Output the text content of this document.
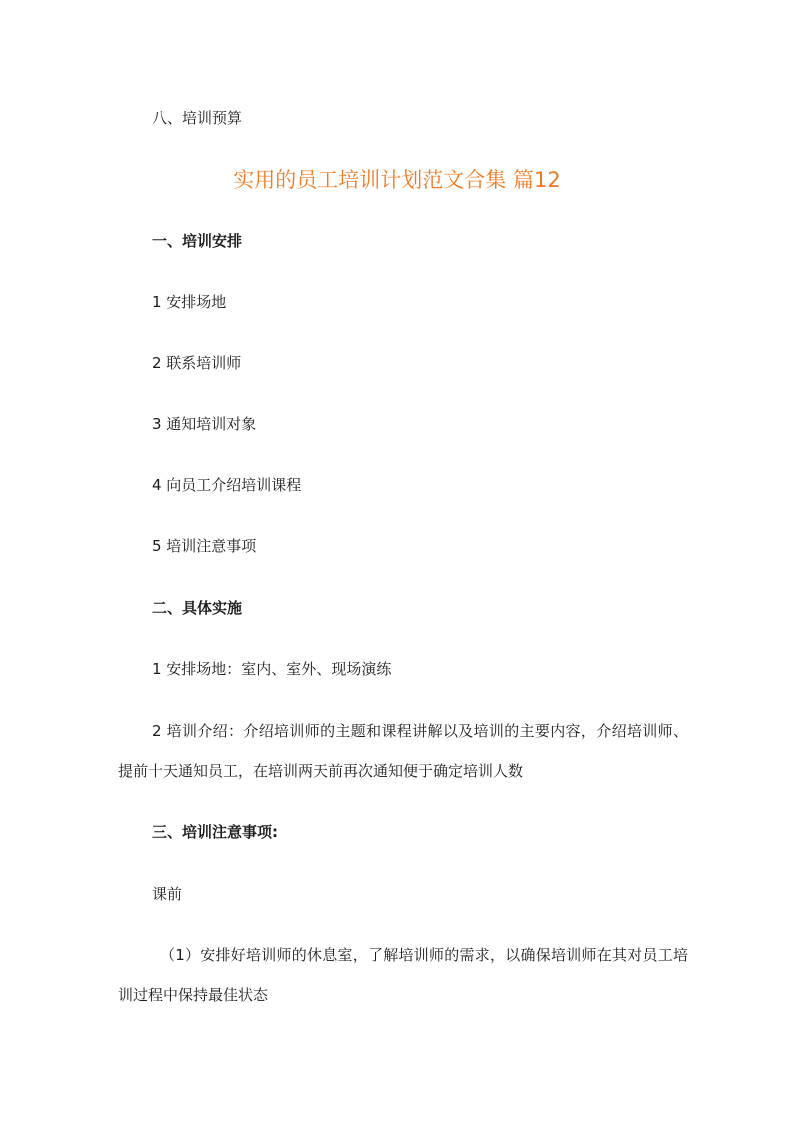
八、培训预算
实用的员工培训计划范文合集 篇12
一、培训安排
1 安排场地
2 联系培训师
3 通知培训对象
4 向员工介绍培训课程
5 培训注意事项
二、具体实施
1 安排场地：室内、室外、现场演练
2 培训介绍：介绍培训师的主题和课程讲解以及培训的主要内容，介绍培训师、提前十天通知员工，在培训两天前再次通知便于确定培训人数
三、培训注意事项:
课前
（1）安排好培训师的休息室，了解培训师的需求，以确保培训师在其对员工培训过程中保持最佳状态
